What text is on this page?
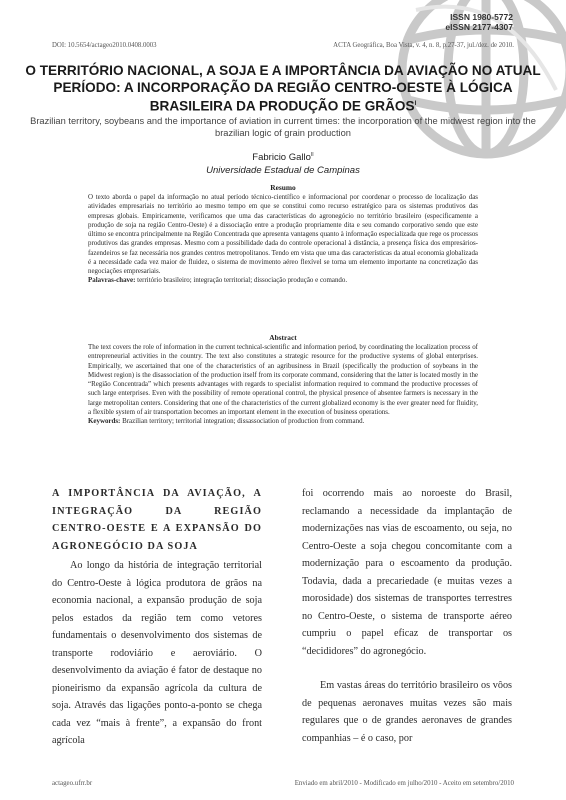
ISSN 1980-5772
eISSN 2177-4307
DOI: 10.5654/actageo2010.0408.0003	ACTA Geográfica, Boa Vista, v. 4, n. 8, p.27-37, jul./dez. de 2010.
O TERRITÓRIO NACIONAL, A SOJA E A IMPORTÂNCIA DA AVIAÇÃO NO ATUAL PERÍODO: A INCORPORAÇÃO DA REGIÃO CENTRO-OESTE À LÓGICA BRASILEIRA DA PRODUÇÃO DE $GRÃOS^I$
Brazilian territory, soybeans and the importance of aviation in current times: the incorporation of the midwest region into the brazilian logic of grain production
Fabricio Gallo$^{II}$
Universidade Estadual de Campinas
Resumo
O texto aborda o papel da informação no atual período técnico-científico e informacional por coordenar o processo de localização das atividades empresariais no território ao mesmo tempo em que se constitui como recurso estratégico para os sistemas produtivos das empresas globais. Empiricamente, verificamos que uma das características do agronegócio no território brasileiro (especificamente a produção de soja na região Centro-Oeste) é a dissociação entre a produção propriamente dita e seu comando corporativo sendo que este último se encontra principalmente na Região Concentrada que apresenta vantagens quanto à informação especializada que rege os processos produtivos das grandes empresas. Mesmo com a possibilidade dada do controle operacional à distância, a presença física dos empresários-fazendeiros se faz necessária nos grandes centros metropolitanos. Tendo em vista que uma das características da atual economia globalizada é a necessidade cada vez maior de fluidez, o sistema de movimento aéreo flexível se torna um elemento importante na concretização das negociações empresariais.
Palavras-chave: território brasileiro; integração territorial; dissociação produção e comando.
Abstract
The text covers the role of information in the current technical-scientific and information period, by coordinating the localization process of entrepreneurial activities in the country. The text also constitutes a strategic resource for the productive systems of global enterprises. Empirically, we ascertained that one of the characteristics of an agribusiness in Brazil (specifically the production of soybeans in the Midwest region) is the disassociation of the production itself from its corporate command, considering that the latter is located mostly in the “Região Concentrada” which presents advantages with regards to specialist information required to command the productive processes of such large enterprises. Even with the possibility of remote operational control, the physical presence of absentee farmers is necessary in the large metropolitan centers. Considering that one of the characteristics of the current globalized economy is the ever greater need for fluidity, a flexible system of air transportation becomes an important element in the execution of business operations.
Keywords: Brazilian territory; territorial integration; dissassociation of production from command.
A IMPORTÂNCIA DA AVIAÇÃO, A INTEGRAÇÃO DA REGIÃO CENTRO-OESTE E A EXPANSÃO DO AGRONEGÓCIO DA SOJA

Ao longo da história de integração territorial do Centro-Oeste à lógica produtora de grãos na economia nacional, a expansão produção de soja pelos estados da região tem como vetores fundamentais o desenvolvimento dos sistemas de transporte rodoviário e aeroviário. O desenvolvimento da aviação é fator de destaque no pioneirismo da expansão agrícola da cultura de soja. Através das ligações ponto-a-ponto se chega cada vez “mais à frente”, a expansão do front agrícola

foi ocorrendo mais ao noroeste do Brasil, reclamando a necessidade da implantação de modernizações nas vias de escoamento, ou seja, no Centro-Oeste a soja chegou concomitante com a modernização para o escoamento da produção. Todavia, dada a precariedade (e muitas vezes a morosidade) dos sistemas de transportes terrestres no Centro-Oeste, o sistema de transporte aéreo cumpriu o papel eficaz de transportar os “decididores” do agronegócio.

Em vastas áreas do território brasileiro os vôos de pequenas aeronaves muitas vezes são mais regulares que o de grandes aeronaves de grandes companhias – é o caso, por

actageo.ufrr.br	Enviado em abril/2010 - Modificado em julho/2010 - Aceito em setembro/2010
